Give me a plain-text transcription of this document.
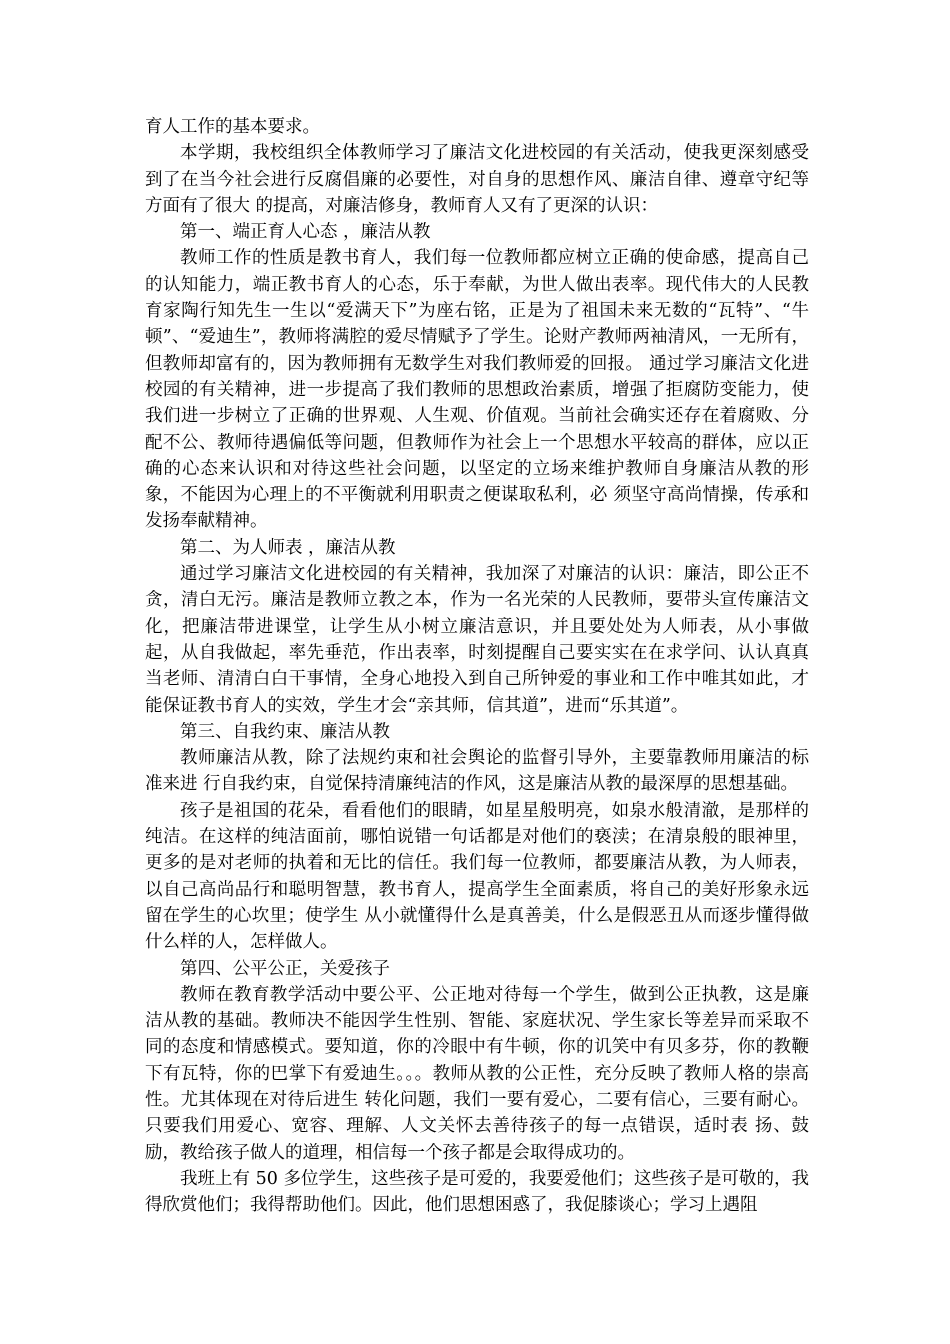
育人工作的基本要求。

本学期，我校组织全体教师学习了廉洁文化进校园的有关活动，使我更深刻感受到了在当今社会进行反腐倡廉的必要性，对自身的思想作风、廉洁自律、遵章守纪等方面有了很大 的提高，对廉洁修身，教师育人又有了更深的认识：

第一、端正育人心态 ，廉洁从教

教师工作的性质是教书育人，我们每一位教师都应树立正确的使命感，提高自己的认知能力，端正教书育人的心态，乐于奉献，为世人做出表率。现代伟大的人民教育家陶行知先生一生以“爱满天下”为座右铭，正是为了祖国未来无数的“瓦特”、“牛顿”、“爱迪生”，教师将满腔的爱尽情赋予了学生。论财产教师两袖清风，一无所有，但教师却富有的，因为教师拥有无数学生对我们教师爱的回报。 通过学习廉洁文化进校园的有关精神，进一步提高了我们教师的思想政治素质，增强了拒腐防变能力，使我们进一步树立了正确的世界观、人生观、价值观。当前社会确实还存在着腐败、分配不公、教师待遇偏低等问题，但教师作为社会上一个思想水平较高的群体，应以正确的心态来认识和对待这些社会问题，以坚定的立场来维护教师自身廉洁从教的形象，不能因为心理上的不平衡就利用职责之便谋取私利，必 须坚守高尚情操，传承和发扬奉献精神。

第二、为人师表 ，廉洁从教

通过学习廉洁文化进校园的有关精神，我加深了对廉洁的认识：廉洁，即公正不贪，清白无污。廉洁是教师立教之本，作为一名光荣的人民教师，要带头宣传廉洁文化，把廉洁带进课堂，让学生从小树立廉洁意识，并且要处处为人师表，从小事做起，从自我做起，率先垂范，作出表率，时刻提醒自己要实实在在求学问、认认真真当老师、清清白白干事情，全身心地投入到自己所钟爱的事业和工作中唯其如此，才能保证教书育人的实效，学生才会“亲其师，信其道”，进而“乐其道”。

第三、自我约束、廉洁从教

教师廉洁从教，除了法规约束和社会舆论的监督引导外，主要靠教师用廉洁的标准来进 行自我约束，自觉保持清廉纯洁的作风，这是廉洁从教的最深厚的思想基础。

孩子是祖国的花朵，看看他们的眼睛，如星星般明亮，如泉水般清澈，是那样的纯洁。在这样的纯洁面前，哪怕说错一句话都是对他们的亵渎；在清泉般的眼神里，更多的是对老师的执着和无比的信任。我们每一位教师，都要廉洁从教，为人师表，以自己高尚品行和聪明智慧，教书育人，提高学生全面素质，将自己的美好形象永远留在学生的心坎里；使学生 从小就懂得什么是真善美，什么是假恶丑从而逐步懂得做什么样的人，怎样做人。

第四、公平公正，关爱孩子

教师在教育教学活动中要公平、公正地对待每一个学生，做到公正执教，这是廉洁从教的基础。教师决不能因学生性别、智能、家庭状况、学生家长等差异而采取不同的态度和情感模式。要知道，你的冷眼中有牛顿，你的讥笑中有贝多芬，你的教鞭下有瓦特，你的巴掌下有爱迪生。。。教师从教的公正性，充分反映了教师人格的崇高性。尤其体现在对待后进生 转化问题，我们一要有爱心，二要有信心，三要有耐心。只要我们用爱心、宽容、理解、人文关怀去善待孩子的每一点错误，适时表 扬、鼓励，教给孩子做人的道理，相信每一个孩子都是会取得成功的。

我班上有 50 多位学生，这些孩子是可爱的，我要爱他们；这些孩子是可敬的，我得欣赏他们；我得帮助他们。因此，他们思想困惑了，我促膝谈心；学习上遇阻
